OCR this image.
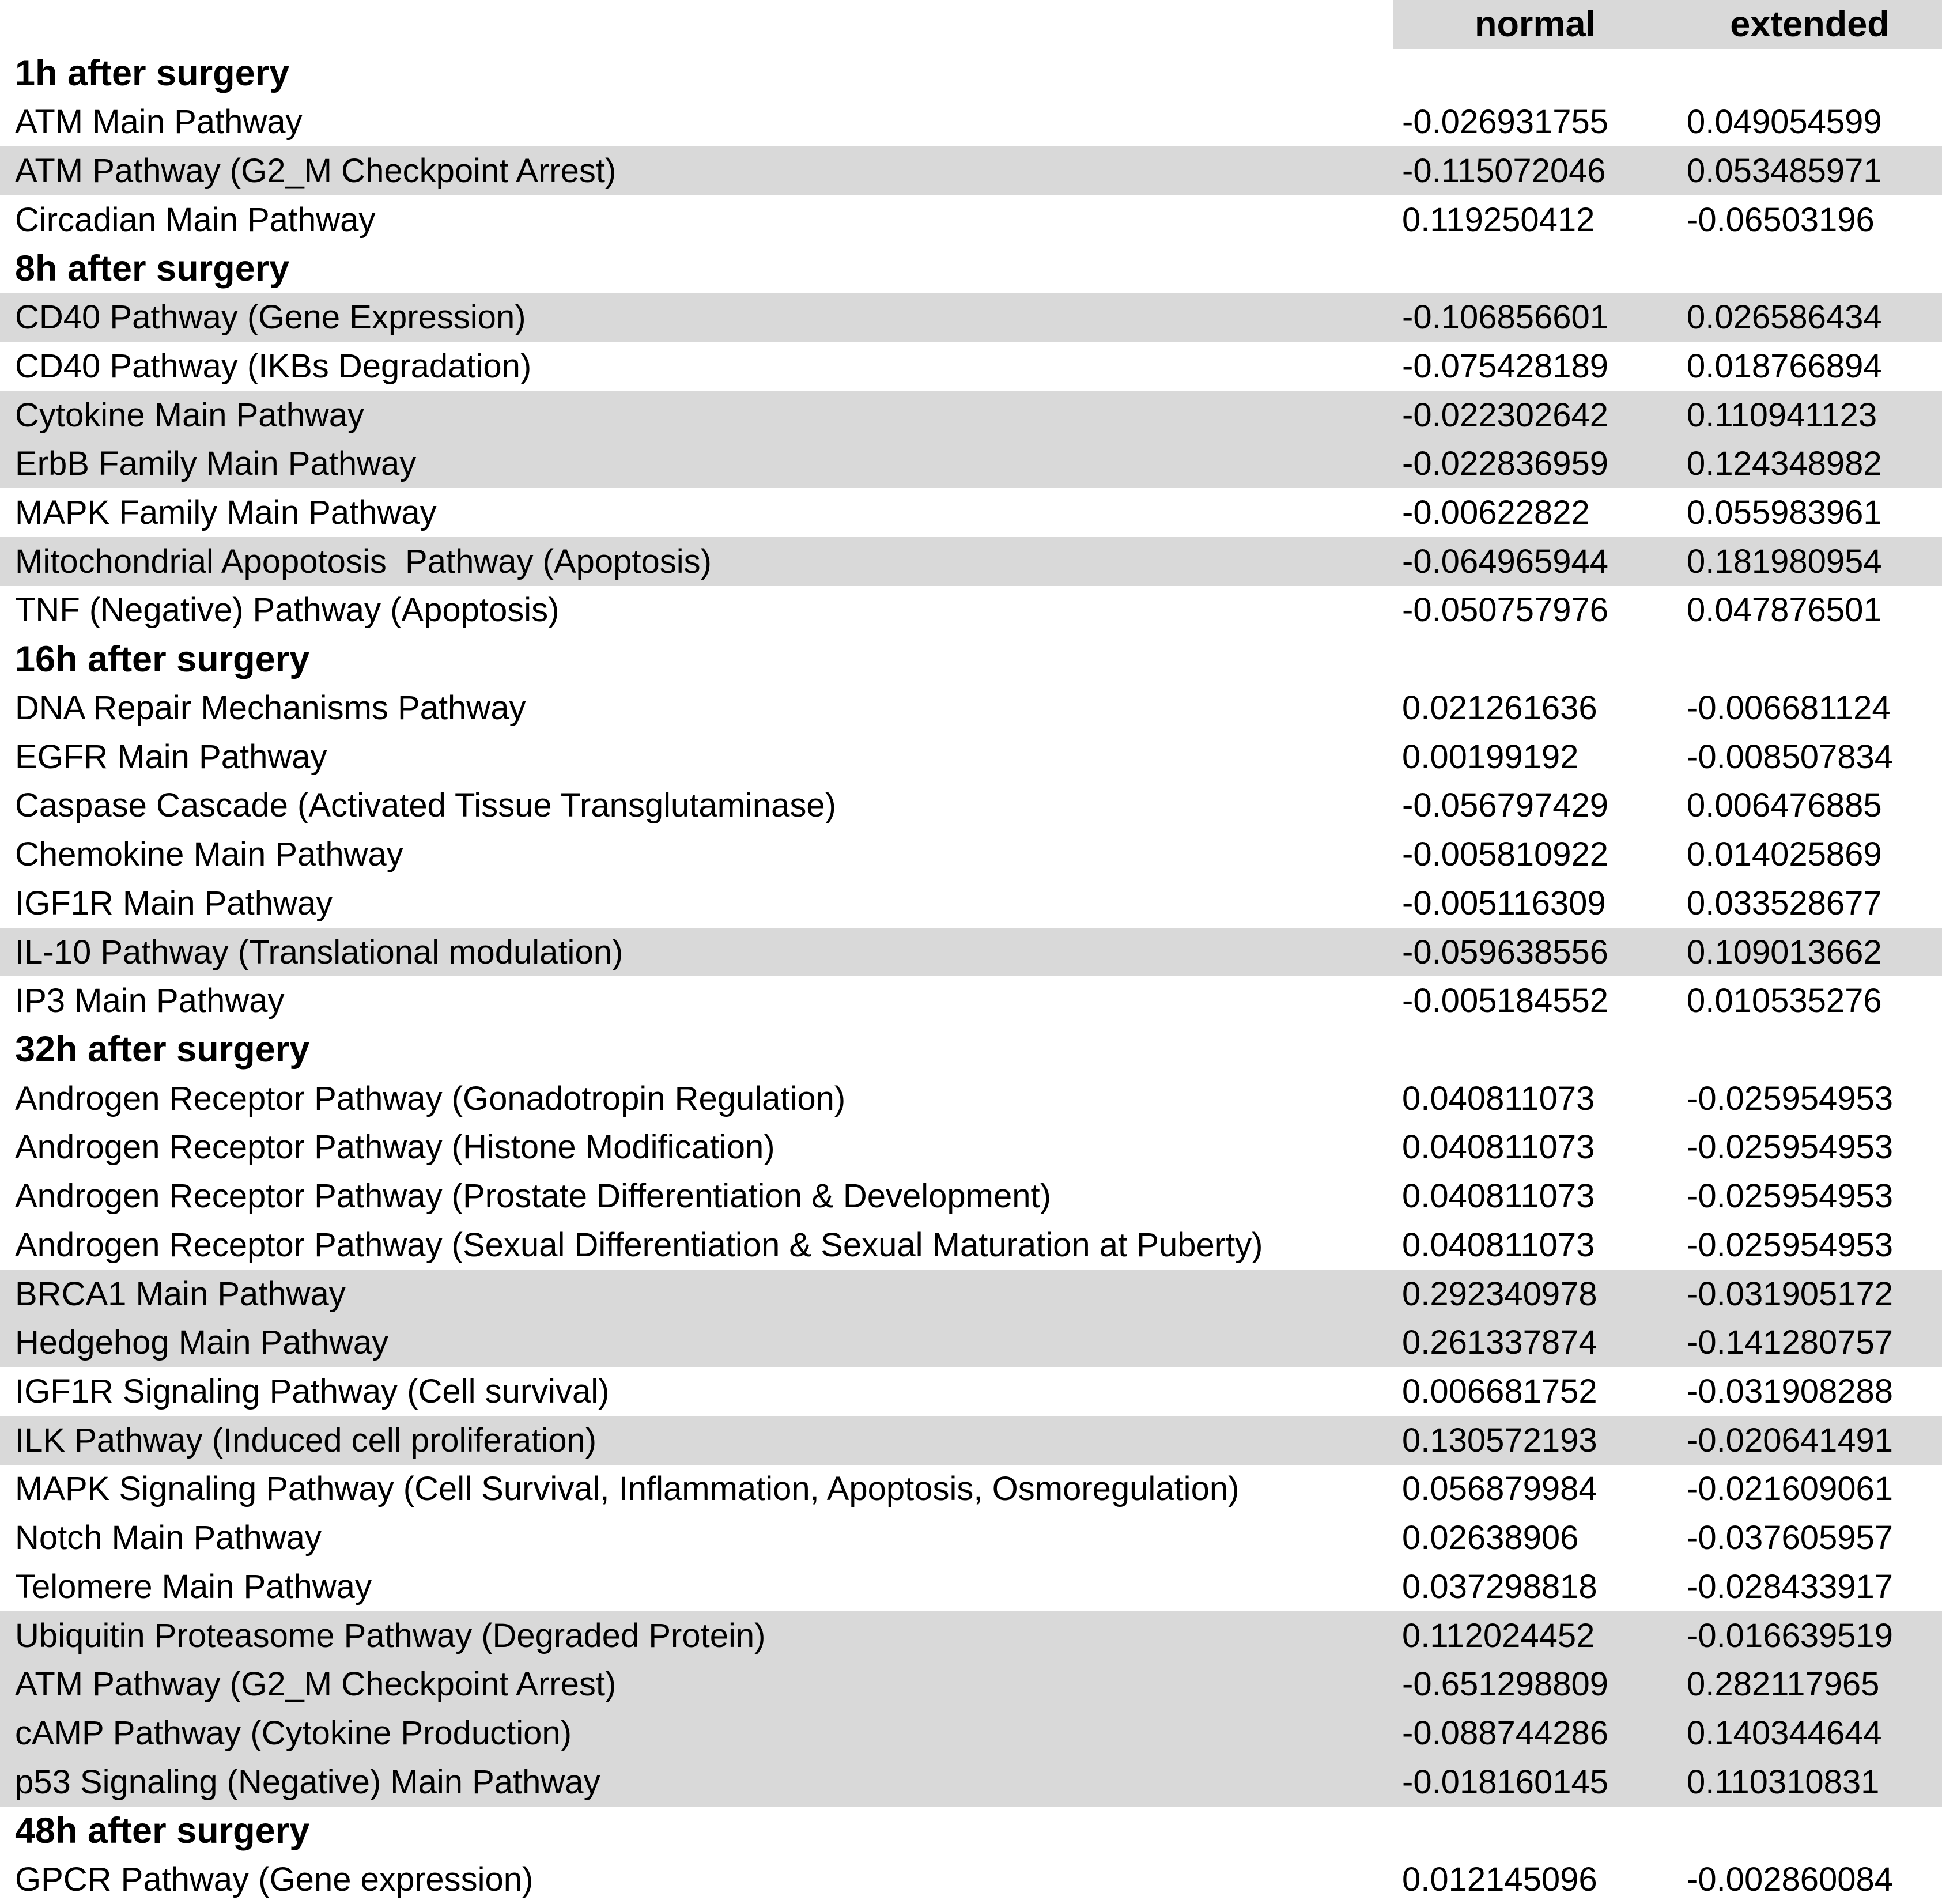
normal	extended
1h after surgery
ATM Main Pathway	-0.026931755	0.049054599
ATM Pathway (G2_M Checkpoint Arrest)	-0.115072046	0.053485971
Circadian Main Pathway	0.119250412	-0.06503196
8h after surgery
CD40 Pathway (Gene Expression)	-0.106856601	0.026586434
CD40 Pathway (IKBs Degradation)	-0.075428189	0.018766894
Cytokine Main Pathway	-0.022302642	0.110941123
ErbB Family Main Pathway	-0.022836959	0.124348982
MAPK Family Main Pathway	-0.00622822	0.055983961
Mitochondrial Apopotosis  Pathway (Apoptosis)	-0.064965944	0.181980954
TNF (Negative) Pathway (Apoptosis)	-0.050757976	0.047876501
16h after surgery
DNA Repair Mechanisms Pathway	0.021261636	-0.006681124
EGFR Main Pathway	0.00199192	-0.008507834
Caspase Cascade (Activated Tissue Transglutaminase)	-0.056797429	0.006476885
Chemokine Main Pathway	-0.005810922	0.014025869
IGF1R Main Pathway	-0.005116309	0.033528677
IL-10 Pathway (Translational modulation)	-0.059638556	0.109013662
IP3 Main Pathway	-0.005184552	0.010535276
32h after surgery
Androgen Receptor Pathway (Gonadotropin Regulation)	0.040811073	-0.025954953
Androgen Receptor Pathway (Histone Modification)	0.040811073	-0.025954953
Androgen Receptor Pathway (Prostate Differentiation & Development)	0.040811073	-0.025954953
Androgen Receptor Pathway (Sexual Differentiation & Sexual Maturation at Puberty)	0.040811073	-0.025954953
BRCA1 Main Pathway	0.292340978	-0.031905172
Hedgehog Main Pathway	0.261337874	-0.141280757
IGF1R Signaling Pathway (Cell survival)	0.006681752	-0.031908288
ILK Pathway (Induced cell proliferation)	0.130572193	-0.020641491
MAPK Signaling Pathway (Cell Survival, Inflammation, Apoptosis, Osmoregulation)	0.056879984	-0.021609061
Notch Main Pathway	0.02638906	-0.037605957
Telomere Main Pathway	0.037298818	-0.028433917
Ubiquitin Proteasome Pathway (Degraded Protein)	0.112024452	-0.016639519
ATM Pathway (G2_M Checkpoint Arrest)	-0.651298809	0.282117965
cAMP Pathway (Cytokine Production)	-0.088744286	0.140344644
p53 Signaling (Negative) Main Pathway	-0.018160145	0.110310831
48h after surgery
GPCR Pathway (Gene expression)	0.012145096	-0.002860084
